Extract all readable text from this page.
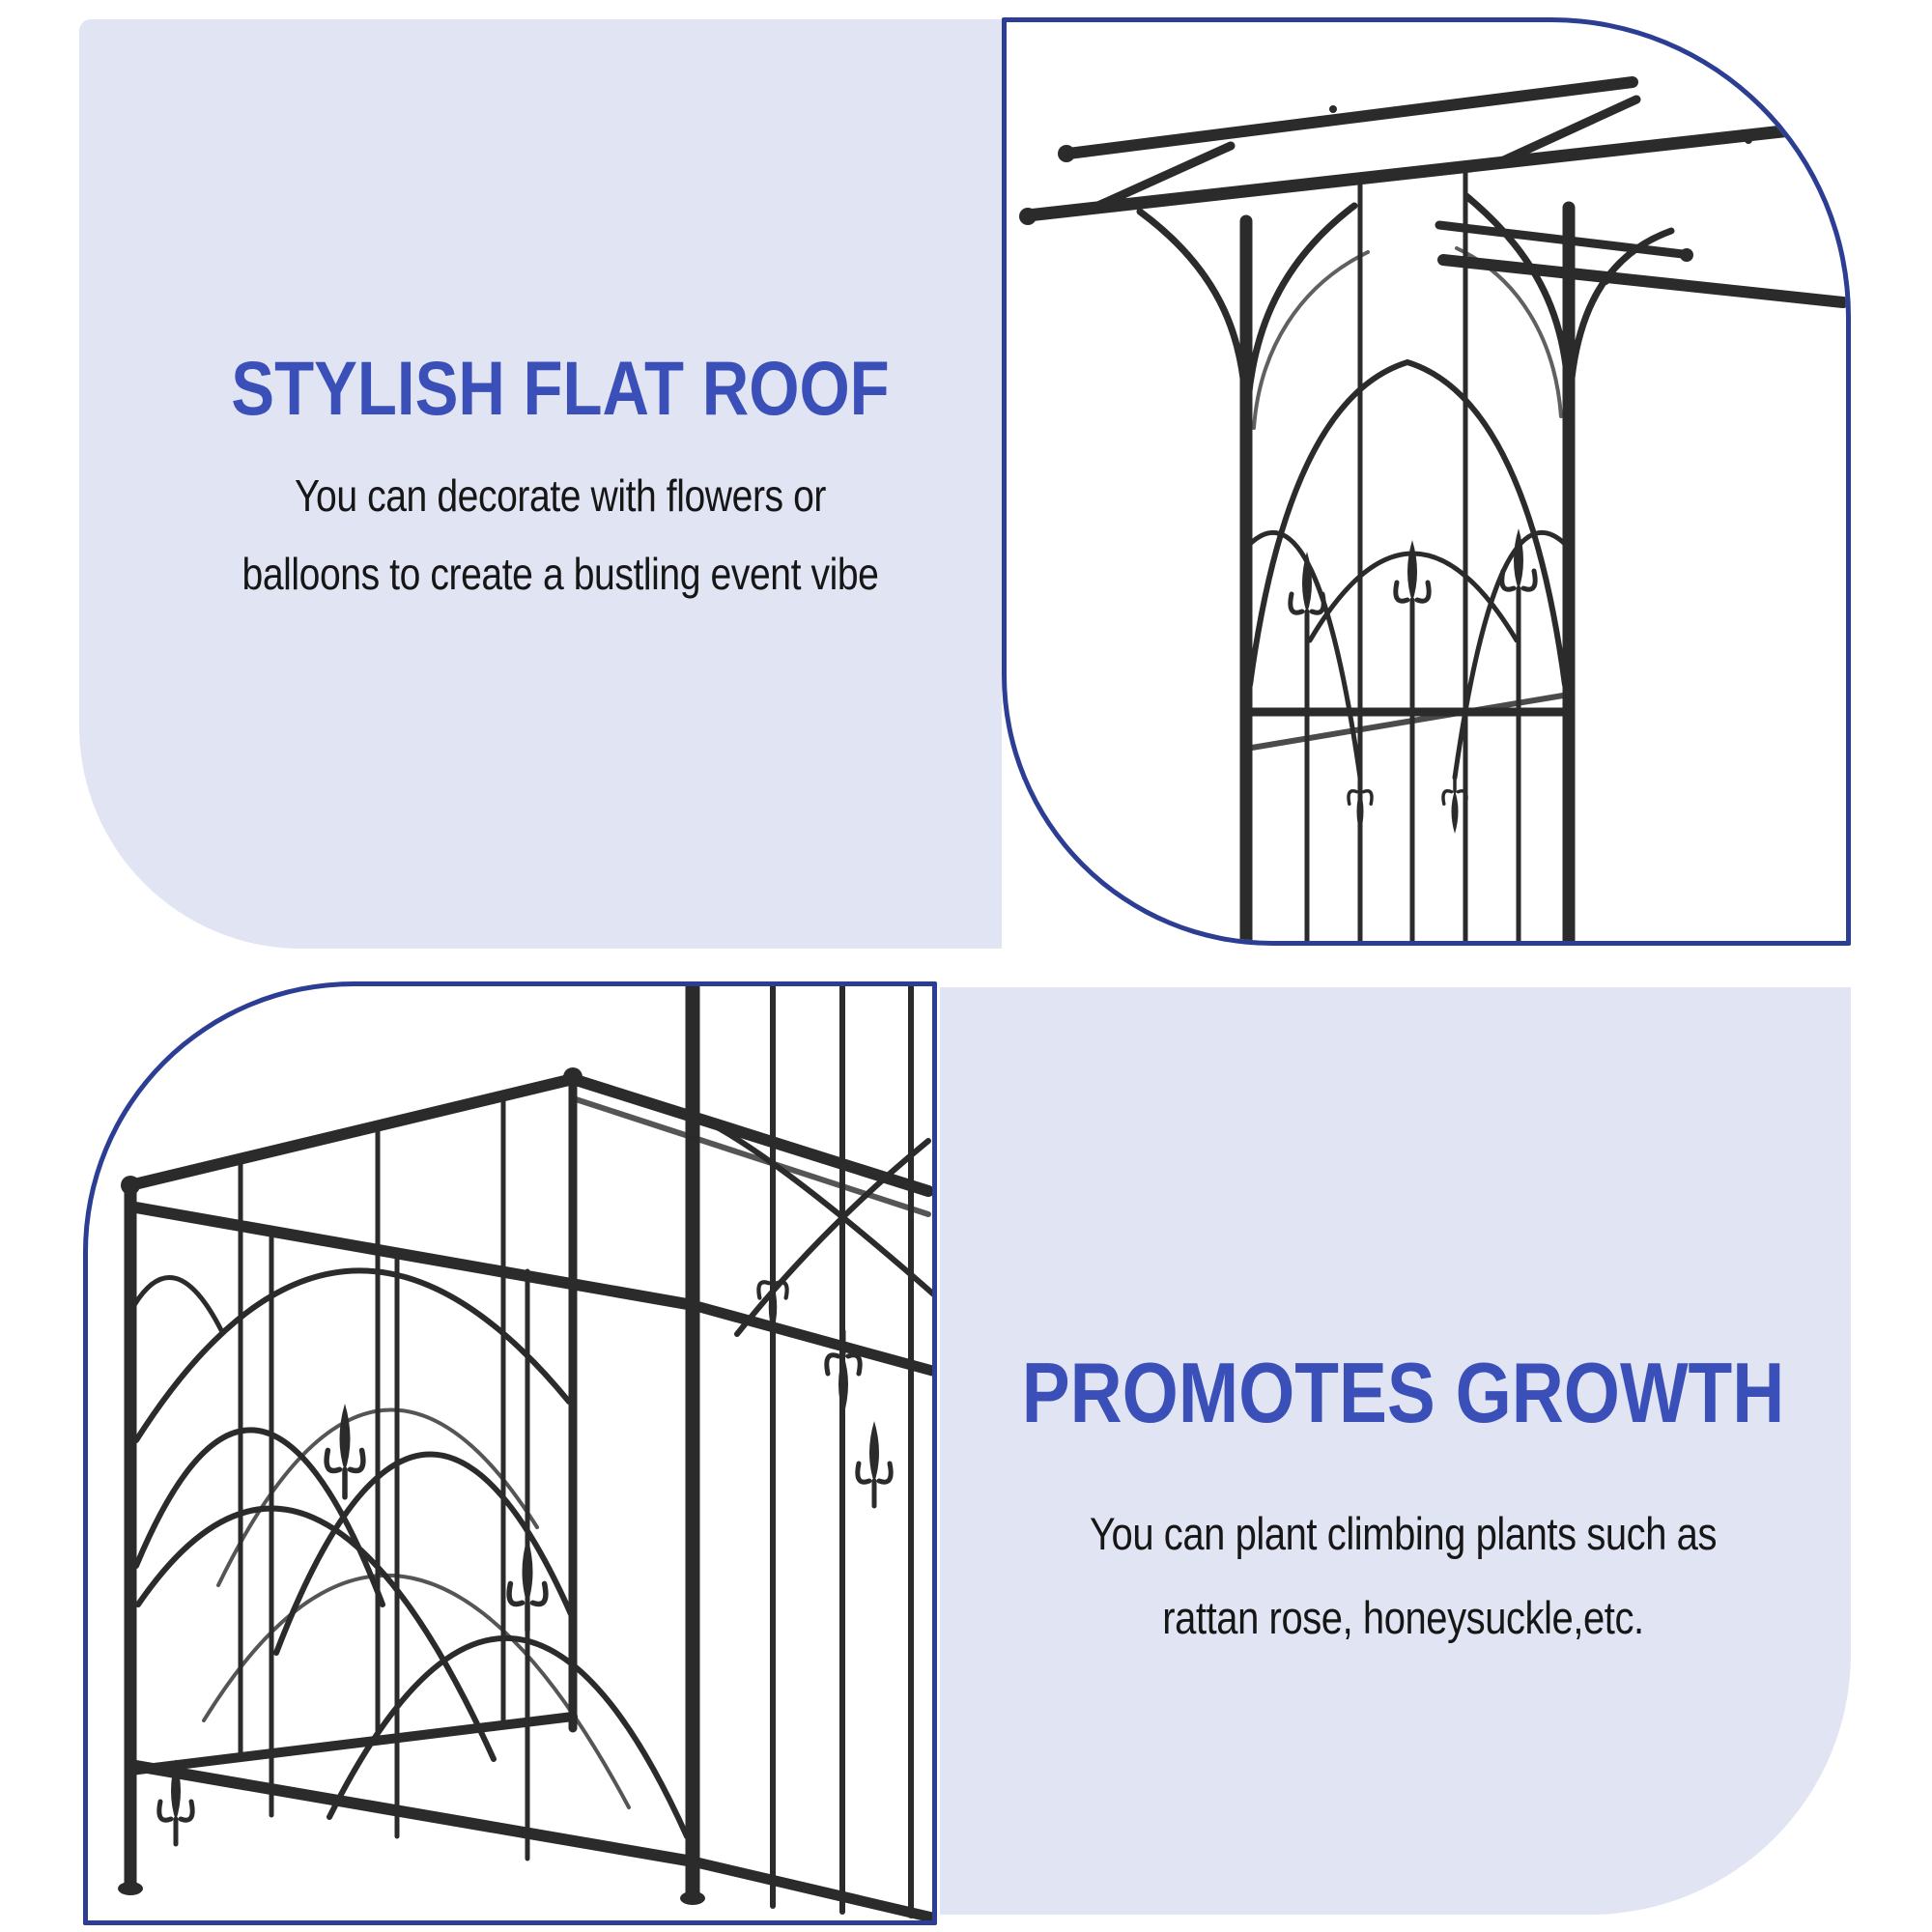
STYLISH FLAT ROOF
You can decorate with flowers or
balloons to create a bustling event vibe
PROMOTES GROWTH
You can plant climbing plants such as
rattan rose, honeysuckle,etc.
